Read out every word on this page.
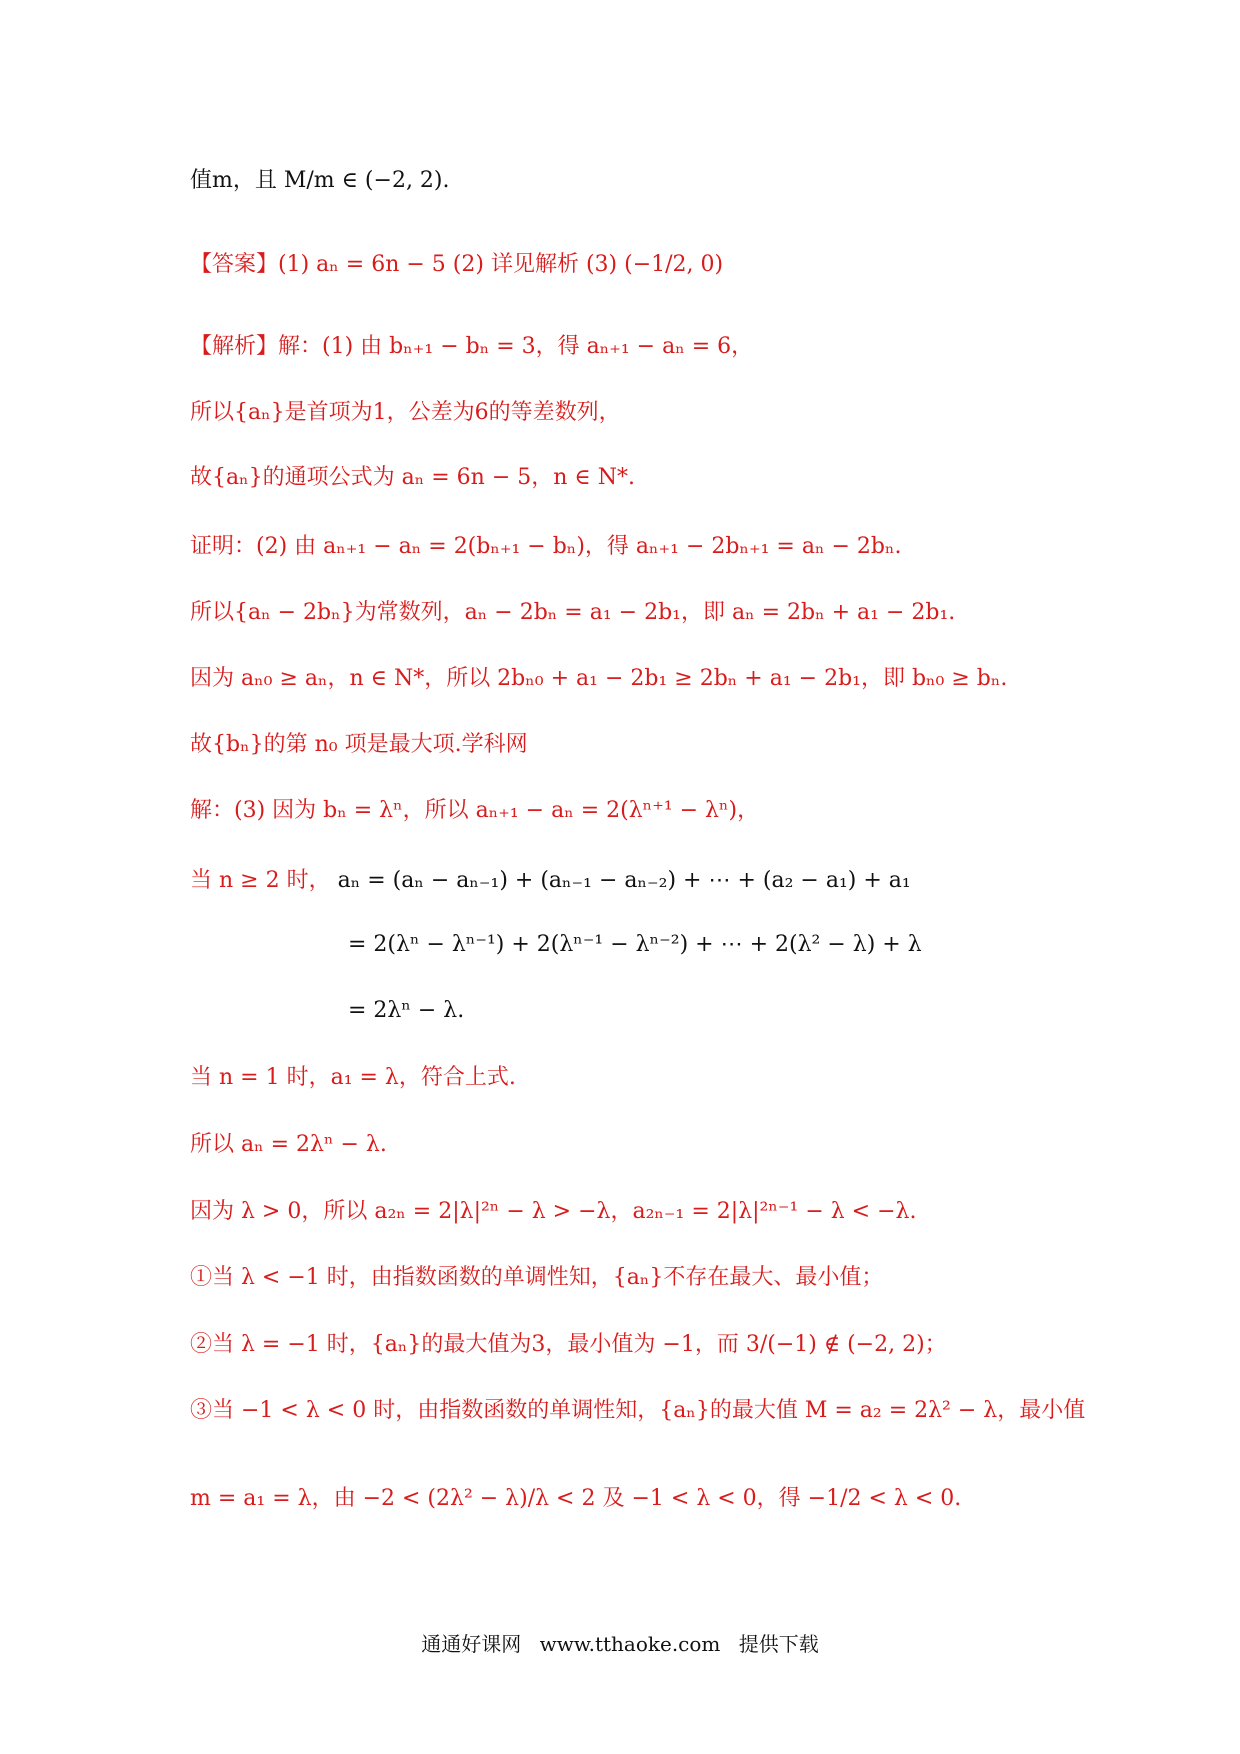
值m，且 M/m ∈ (−2, 2).
【答案】(1) aₙ = 6n − 5 (2) 详见解析 (3) (−1/2, 0)
【解析】解：(1) 由 bₙ₊₁ − bₙ = 3，得 aₙ₊₁ − aₙ = 6，
所以{aₙ}是首项为1，公差为6的等差数列，
故{aₙ}的通项公式为 aₙ = 6n − 5，n ∈ N*.
证明：(2) 由 aₙ₊₁ − aₙ = 2(bₙ₊₁ − bₙ)，得 aₙ₊₁ − 2bₙ₊₁ = aₙ − 2bₙ.
所以{aₙ − 2bₙ}为常数列，aₙ − 2bₙ = a₁ − 2b₁，即 aₙ = 2bₙ + a₁ − 2b₁.
因为 aₙ₀ ≥ aₙ，n ∈ N*，所以 2bₙ₀ + a₁ − 2b₁ ≥ 2bₙ + a₁ − 2b₁，即 bₙ₀ ≥ bₙ.
故{bₙ}的第 n₀ 项是最大项.学科网
解：(3) 因为 bₙ = λⁿ，所以 aₙ₊₁ − aₙ = 2(λⁿ⁺¹ − λⁿ)，
当 n ≥ 2 时， aₙ = (aₙ − aₙ₋₁) + (aₙ₋₁ − aₙ₋₂) + ⋯ + (a₂ − a₁) + a₁
= 2(λⁿ − λⁿ⁻¹) + 2(λⁿ⁻¹ − λⁿ⁻²) + ⋯ + 2(λ² − λ) + λ
= 2λⁿ − λ.
当 n = 1 时，a₁ = λ，符合上式.
所以 aₙ = 2λⁿ − λ.
因为 λ > 0，所以 a₂ₙ = 2|λ|²ⁿ − λ > −λ，a₂ₙ₋₁ = 2|λ|²ⁿ⁻¹ − λ < −λ.
①当 λ < −1 时，由指数函数的单调性知，{aₙ}不存在最大、最小值；
②当 λ = −1 时，{aₙ}的最大值为3，最小值为 −1，而 3/(−1) ∉ (−2, 2)；
③当 −1 < λ < 0 时，由指数函数的单调性知，{aₙ}的最大值 M = a₂ = 2λ² − λ，最小值
m = a₁ = λ，由 −2 < (2λ² − λ)/λ < 2 及 −1 < λ < 0，得 −1/2 < λ < 0.
通通好课网 www.tthaoke.com 提供下载
